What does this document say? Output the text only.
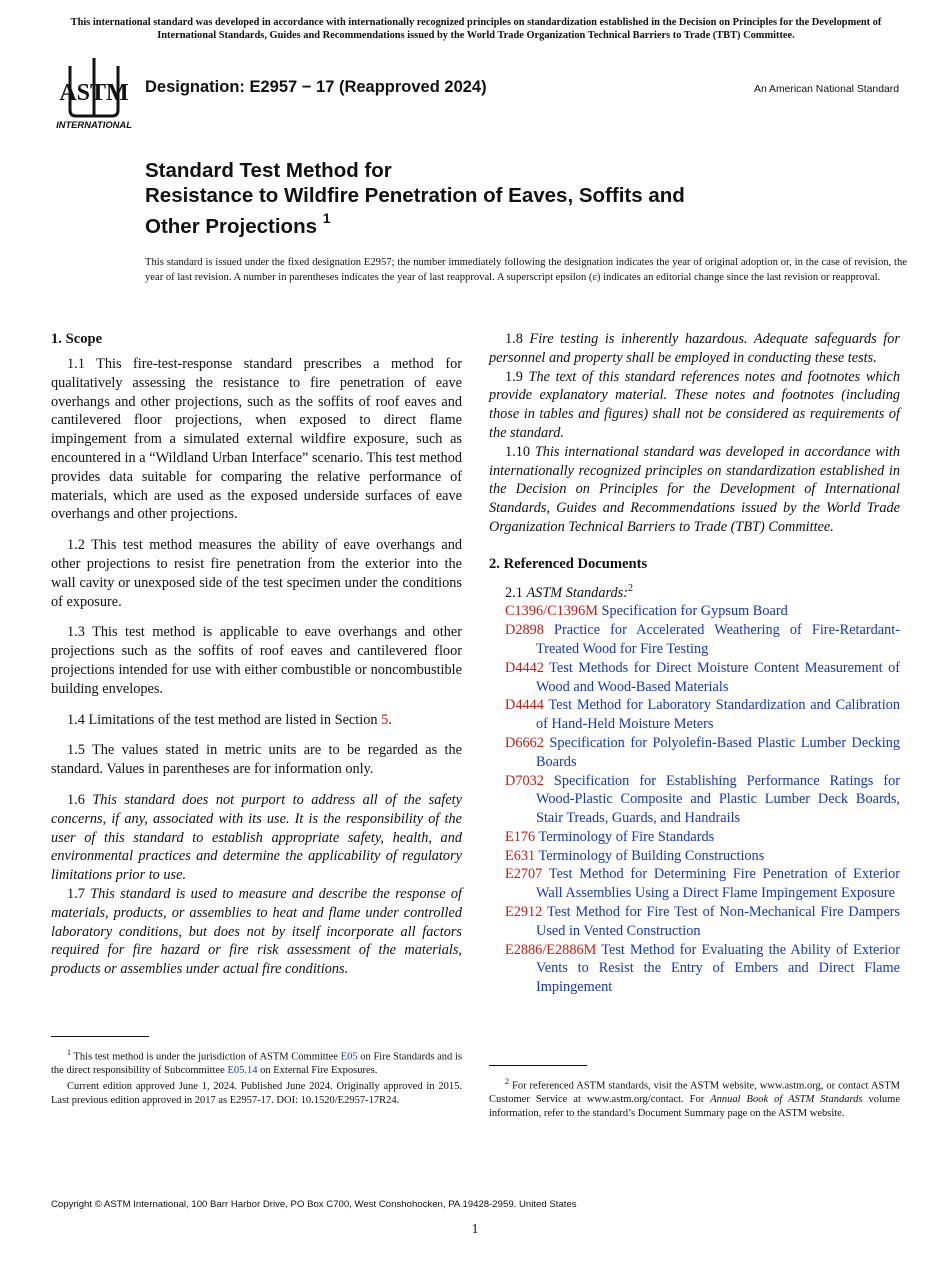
This international standard was developed in accordance with internationally recognized principles on standardization established in the Decision on Principles for the Development of International Standards, Guides and Recommendations issued by the World Trade Organization Technical Barriers to Trade (TBT) Committee.
ASTM
INTERNATIONAL
Designation: E2957 − 17 (Reapproved 2024)	An American National Standard
Standard Test Method for
Resistance to Wildfire Penetration of Eaves, Soffits and
Other Projections $^1$
This standard is issued under the fixed designation E2957; the number immediately following the designation indicates the year of original adoption or, in the case of revision, the year of last revision. A number in parentheses indicates the year of last reapproval. A superscript epsilon (ε) indicates an editorial change since the last revision or reapproval.
1. Scope

1.1 This fire-test-response standard prescribes a method for qualitatively assessing the resistance to fire penetration of eave overhangs and other projections, such as the soffits of roof eaves and cantilevered floor projections, when exposed to direct flame impingement from a simulated external wildfire exposure, such as encountered in a “Wildland Urban Interface” scenario. This test method provides data suitable for comparing the relative performance of materials, which are used as the exposed underside surfaces of eave overhangs and other projections.

1.2 This test method measures the ability of eave overhangs and other projections to resist fire penetration from the exterior into the wall cavity or unexposed side of the test specimen under the conditions of exposure.

1.3 This test method is applicable to eave overhangs and other projections such as the soffits of roof eaves and cantilevered floor projections intended for use with either combustible or noncombustible building envelopes.

1.4 Limitations of the test method are listed in Section 5.

1.5 The values stated in metric units are to be regarded as the standard. Values in parentheses are for information only.

1.6 This standard does not purport to address all of the safety concerns, if any, associated with its use. It is the responsibility of the user of this standard to establish appropriate safety, health, and environmental practices and determine the applicability of regulatory limitations prior to use.

1.7 This standard is used to measure and describe the response of materials, products, or assemblies to heat and flame under controlled laboratory conditions, but does not by itself incorporate all factors required for fire hazard or fire risk assessment of the materials, products or assemblies under actual fire conditions.

1.8 Fire testing is inherently hazardous. Adequate safeguards for personnel and property shall be employed in conducting these tests.

1.9 The text of this standard references notes and footnotes which provide explanatory material. These notes and footnotes (including those in tables and figures) shall not be considered as requirements of the standard.

1.10 This international standard was developed in accordance with internationally recognized principles on standardization established in the Decision on Principles for the Development of International Standards, Guides and Recommendations issued by the World Trade Organization Technical Barriers to Trade (TBT) Committee.

2. Referenced Documents

2.1 ASTM Standards:$^2$

C1396/C1396M Specification for Gypsum Board
D2898 Practice for Accelerated Weathering of Fire-Retardant-Treated Wood for Fire Testing
D4442 Test Methods for Direct Moisture Content Measurement of Wood and Wood-Based Materials
D4444 Test Method for Laboratory Standardization and Calibration of Hand-Held Moisture Meters
D6662 Specification for Polyolefin-Based Plastic Lumber Decking Boards
D7032 Specification for Establishing Performance Ratings for Wood-Plastic Composite and Plastic Lumber Deck Boards, Stair Treads, Guards, and Handrails
E176 Terminology of Fire Standards
E631 Terminology of Building Constructions
E2707 Test Method for Determining Fire Penetration of Exterior Wall Assemblies Using a Direct Flame Impingement Exposure
E2912 Test Method for Fire Test of Non-Mechanical Fire Dampers Used in Vented Construction
E2886/E2886M Test Method for Evaluating the Ability of Exterior Vents to Resist the Entry of Embers and Direct Flame Impingement

$^1$ This test method is under the jurisdiction of ASTM Committee E05 on Fire Standards and is the direct responsibility of Subcommittee E05.14 on External Fire Exposures.

Current edition approved June 1, 2024. Published June 2024. Originally approved in 2015. Last previous edition approved in 2017 as E2957-17. DOI: 10.1520/E2957-17R24.

$^2$ For referenced ASTM standards, visit the ASTM website, www.astm.org, or contact ASTM Customer Service at www.astm.org/contact. For Annual Book of ASTM Standards volume information, refer to the standard’s Document Summary page on the ASTM website.

Copyright © ASTM International, 100 Barr Harbor Drive, PO Box C700, West Conshohocken, PA 19428-2959. United States
1
